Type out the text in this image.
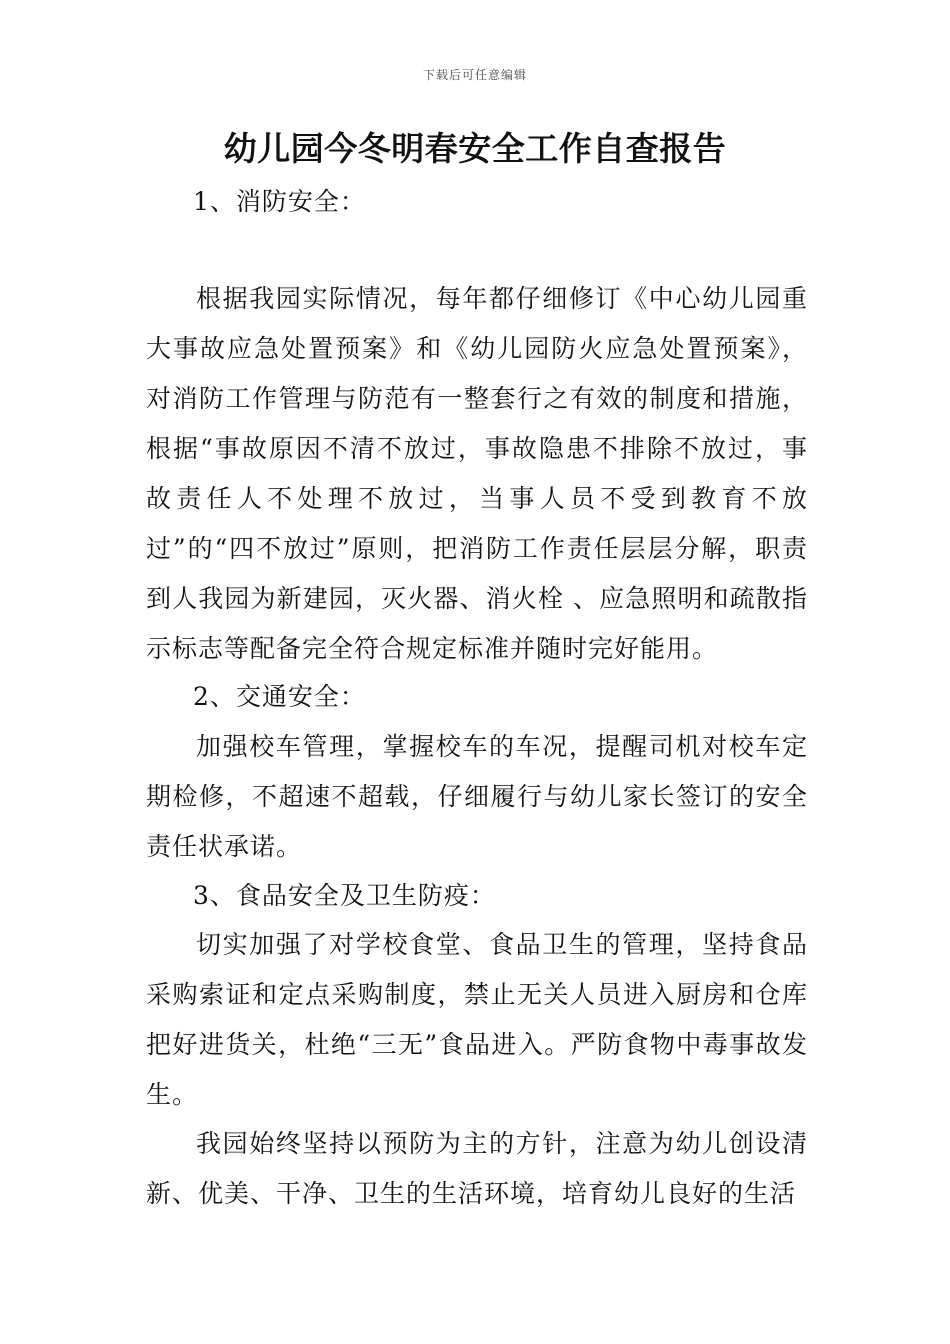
下载后可任意编辑
幼儿园今冬明春安全工作自查报告

1、消防安全：

根据我园实际情况，每年都仔细修订《中心幼儿园重大事故应急处置预案》和《幼儿园防火应急处置预案》，对消防工作管理与防范有一整套行之有效的制度和措施，根据“事故原因不清不放过，事故隐患不排除不放过，事故责任人不处理不放过，当事人员不受到教育不放过”的“四不放过”原则，把消防工作责任层层分解，职责到人我园为新建园，灭火器、消火栓 、应急照明和疏散指示标志等配备完全符合规定标准并随时完好能用。

2、交通安全：

加强校车管理，掌握校车的车况，提醒司机对校车定期检修，不超速不超载，仔细履行与幼儿家长签订的安全责任状承诺。

3、食品安全及卫生防疫：

切实加强了对学校食堂、食品卫生的管理，坚持食品采购索证和定点采购制度，禁止无关人员进入厨房和仓库把好进货关，杜绝“三无”食品进入。严防食物中毒事故发生。

我园始终坚持以预防为主的方针，注意为幼儿创设清新、优美、干净、卫生的生活环境，培育幼儿良好的生活
